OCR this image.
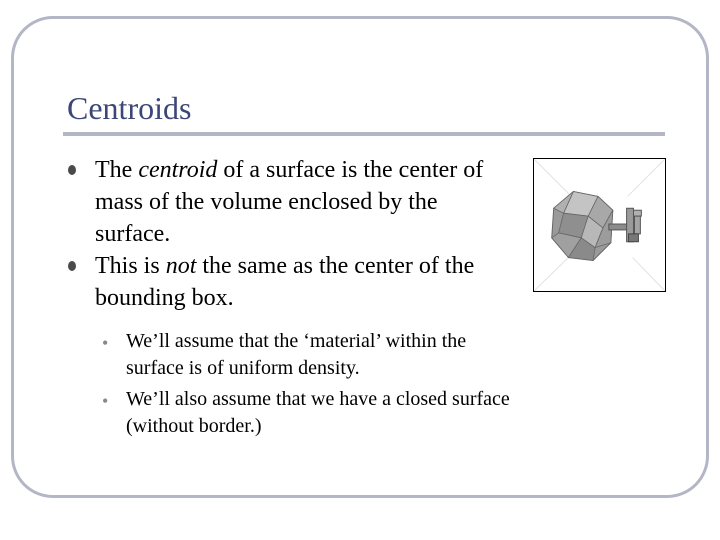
Centroids
The centroid of a surface is the center of mass of the volume enclosed by the surface.
This is not the same as the center of the bounding box.
• We’ll assume that the ‘material’ within the surface is of uniform density.
• We’ll also assume that we have a closed surface (without border.)
